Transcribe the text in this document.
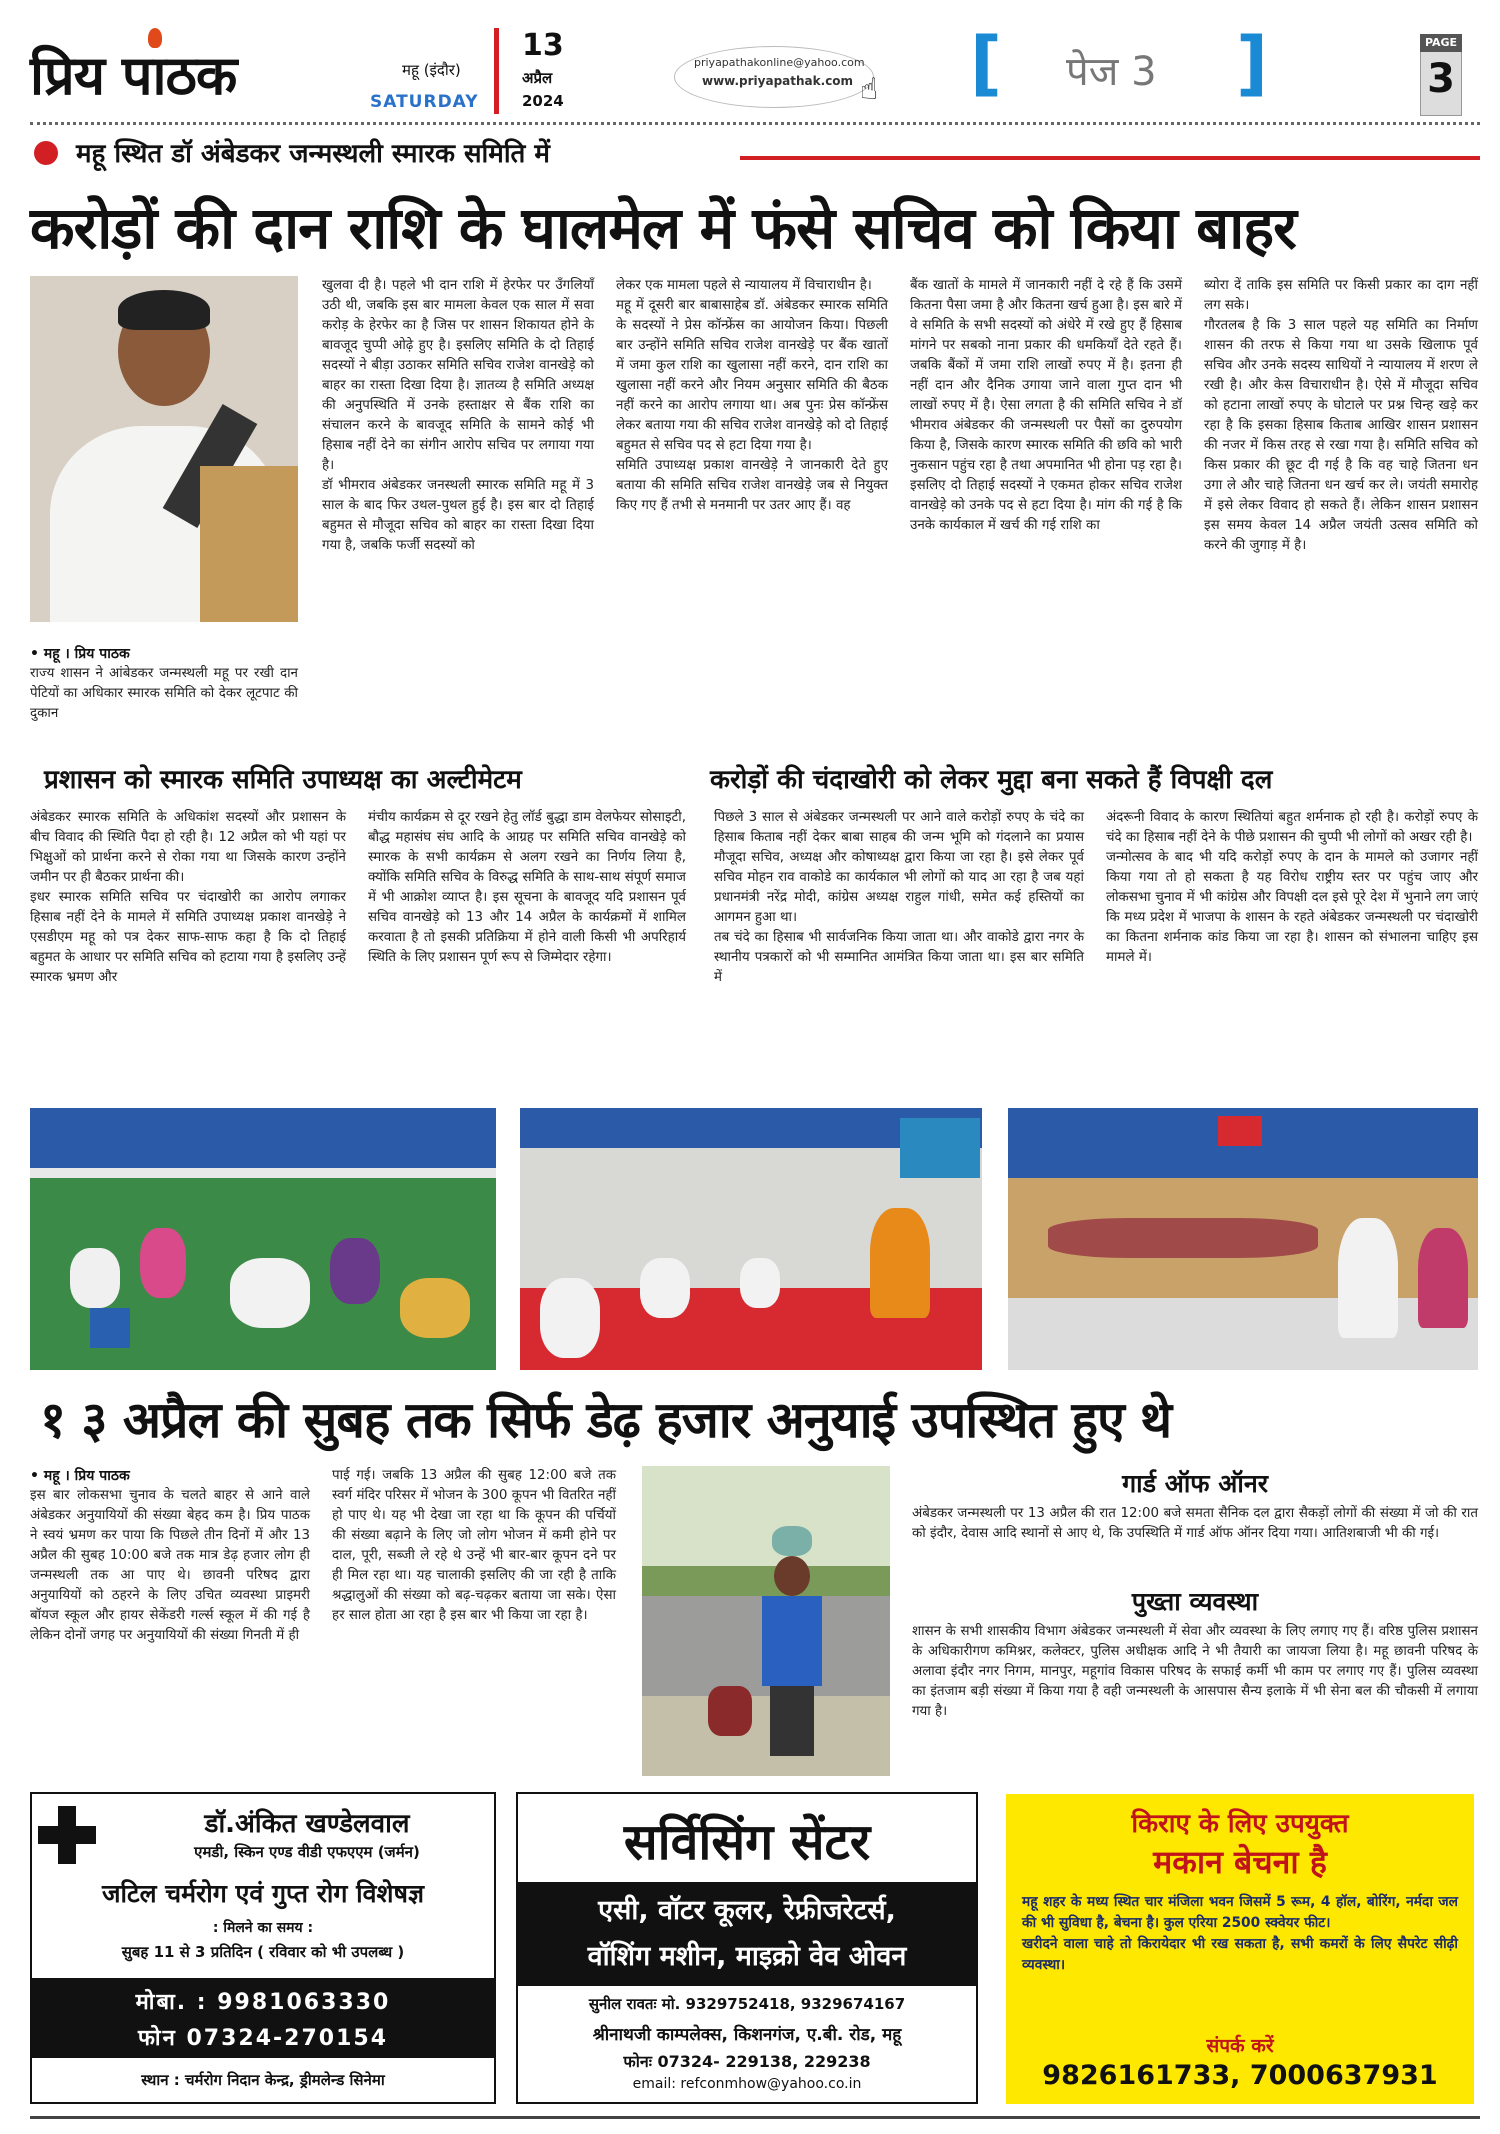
प्रिय पाठक	महू (इंदौर)
SATURDAY
13
अप्रैल
2024
priyapathakonline@yahoo.com
www.priyapathak.com ☝ [ पेज 3 ]	PAGE
3
महू स्थित डॉ अंबेडकर जन्मस्थली स्मारक समिति में
करोड़ों की दान राशि के घालमेल में फंसे सचिव को किया बाहर
• महू । प्रिय पाठक
राज्य शासन ने आंबेडकर जन्मस्थली महू पर रखी दान पेटियों का अधिकार स्मारक समिति को देकर लूटपाट की दुकान
खुलवा दी है। पहले भी दान राशि में हेरफेर पर उँगलियाँ उठी थी, जबकि इस बार मामला केवल एक साल में सवा करोड़ के हेरफेर का है जिस पर शासन शिकायत होने के बावजूद चुप्पी ओढ़े हुए है। इसलिए समिति के दो तिहाई सदस्यों ने बीड़ा उठाकर समिति सचिव राजेश वानखेड़े को बाहर का रास्ता दिखा दिया है। ज्ञातव्य है समिति अध्यक्ष की अनुपस्थिति में उनके हस्ताक्षर से बैंक राशि का संचालन करने के बावजूद समिति के सामने कोई भी हिसाब नहीं देने का संगीन आरोप सचिव पर लगाया गया है।
डॉ भीमराव अंबेडकर जनस्थली स्मारक समिति महू में 3 साल के बाद फिर उथल-पुथल हुई है। इस बार दो तिहाई बहुमत से मौजूदा सचिव को बाहर का रास्ता दिखा दिया गया है, जबकि फर्जी सदस्यों को
लेकर एक मामला पहले से न्यायालय में विचाराधीन है।
महू में दूसरी बार बाबासाहेब डॉ. अंबेडकर स्मारक समिति के सदस्यों ने प्रेस कॉन्फ्रेंस का आयोजन किया। पिछली बार उन्होंने समिति सचिव राजेश वानखेड़े पर बैंक खातों में जमा कुल राशि का खुलासा नहीं करने, दान राशि का खुलासा नहीं करने और नियम अनुसार समिति की बैठक नहीं करने का आरोप लगाया था। अब पुनः प्रेस कॉन्फ्रेंस लेकर बताया गया की सचिव राजेश वानखेड़े को दो तिहाई बहुमत से सचिव पद से हटा दिया गया है।
समिति उपाध्यक्ष प्रकाश वानखेड़े ने जानकारी देते हुए बताया की समिति सचिव राजेश वानखेड़े जब से नियुक्त किए गए हैं तभी से मनमानी पर उतर आए हैं। वह
बैंक खातों के मामले में जानकारी नहीं दे रहे हैं कि उसमें कितना पैसा जमा है और कितना खर्च हुआ है। इस बारे में वे समिति के सभी सदस्यों को अंधेरे में रखे हुए हैं हिसाब मांगने पर सबको नाना प्रकार की धमकियाँ देते रहते हैं। जबकि बैंकों में जमा राशि लाखों रुपए में है। इतना ही नहीं दान और दैनिक उगाया जाने वाला गुप्त दान भी लाखों रुपए में है। ऐसा लगता है की समिति सचिव ने डॉ भीमराव अंबेडकर की जन्मस्थली पर पैसों का दुरुपयोग किया है, जिसके कारण स्मारक समिति की छवि को भारी नुकसान पहुंच रहा है तथा अपमानित भी होना पड़ रहा है। इसलिए दो तिहाई सदस्यों ने एकमत होकर सचिव राजेश वानखेड़े को उनके पद से हटा दिया है। मांग की गई है कि उनके कार्यकाल में खर्च की गई राशि का
ब्योरा दें ताकि इस समिति पर किसी प्रकार का दाग नहीं लग सके।
गौरतलब है कि 3 साल पहले यह समिति का निर्माण शासन की तरफ से किया गया था उसके खिलाफ पूर्व सचिव और उनके सदस्य साथियों ने न्यायालय में शरण ले रखी है। और केस विचाराधीन है। ऐसे में मौजूदा सचिव को हटाना लाखों रुपए के घोटाले पर प्रश्न चिन्ह खड़े कर रहा है कि इसका हिसाब किताब आखिर शासन प्रशासन की नजर में किस तरह से रखा गया है। समिति सचिव को किस प्रकार की छूट दी गई है कि वह चाहे जितना धन उगा ले और चाहे जितना धन खर्च कर ले। जयंती समारोह में इसे लेकर विवाद हो सकते हैं। लेकिन शासन प्रशासन इस समय केवल 14 अप्रैल जयंती उत्सव समिति को करने की जुगाड़ में है।
प्रशासन को स्मारक समिति उपाध्यक्ष का अल्टीमेटम
अंबेडकर स्मारक समिति के अधिकांश सदस्यों और प्रशासन के बीच विवाद की स्थिति पैदा हो रही है। 12 अप्रैल को भी यहां पर भिक्षुओं को प्रार्थना करने से रोका गया था जिसके कारण उन्होंने जमीन पर ही बैठकर प्रार्थना की।
इधर स्मारक समिति सचिव पर चंदाखोरी का आरोप लगाकर हिसाब नहीं देने के मामले में समिति उपाध्यक्ष प्रकाश वानखेड़े ने एसडीएम महू को पत्र देकर साफ-साफ कहा है कि दो तिहाई बहुमत के आधार पर समिति सचिव को हटाया गया है इसलिए उन्हें स्मारक भ्रमण और
मंचीय कार्यक्रम से दूर रखने हेतु लॉर्ड बुद्धा डाम वेलफेयर सोसाइटी, बौद्ध महासंघ संघ आदि के आग्रह पर समिति सचिव वानखेड़े को स्मारक के सभी कार्यक्रम से अलग रखने का निर्णय लिया है, क्योंकि समिति सचिव के विरुद्ध समिति के साथ-साथ संपूर्ण समाज में भी आक्रोश व्याप्त है। इस सूचना के बावजूद यदि प्रशासन पूर्व सचिव वानखेड़े को 13 और 14 अप्रैल के कार्यक्रमों में शामिल करवाता है तो इसकी प्रतिक्रिया में होने वाली किसी भी अपरिहार्य स्थिति के लिए प्रशासन पूर्ण रूप से जिम्मेदार रहेगा।
करोड़ों की चंदाखोरी को लेकर मुद्दा बना सकते हैं विपक्षी दल
पिछले 3 साल से अंबेडकर जन्मस्थली पर आने वाले करोड़ों रुपए के चंदे का हिसाब किताब नहीं देकर बाबा साहब की जन्म भूमि को गंदलाने का प्रयास मौजूदा सचिव, अध्यक्ष और कोषाध्यक्ष द्वारा किया जा रहा है। इसे लेकर पूर्व सचिव मोहन राव वाकोडे का कार्यकाल भी लोगों को याद आ रहा है जब यहां प्रधानमंत्री नरेंद्र मोदी, कांग्रेस अध्यक्ष राहुल गांधी, समेत कई हस्तियों का आगमन हुआ था।
तब चंदे का हिसाब भी सार्वजनिक किया जाता था। और वाकोडे द्वारा नगर के स्थानीय पत्रकारों को भी सम्मानित आमंत्रित किया जाता था। इस बार समिति में
अंदरूनी विवाद के कारण स्थितियां बहुत शर्मनाक हो रही है। करोड़ों रुपए के चंदे का हिसाब नहीं देने के पीछे प्रशासन की चुप्पी भी लोगों को अखर रही है।
जन्मोत्सव के बाद भी यदि करोड़ों रुपए के दान के मामले को उजागर नहीं किया गया तो हो सकता है यह विरोध राष्ट्रीय स्तर पर पहुंच जाए और लोकसभा चुनाव में भी कांग्रेस और विपक्षी दल इसे पूरे देश में भुनाने लग जाएं कि मध्य प्रदेश में भाजपा के शासन के रहते अंबेडकर जन्मस्थली पर चंदाखोरी का कितना शर्मनाक कांड किया जा रहा है। शासन को संभालना चाहिए इस मामले में।
१ ३ अप्रैल की सुबह तक सिर्फ डेढ़ हजार अनुयाई उपस्थित हुए थे
• महू । प्रिय पाठक
इस बार लोकसभा चुनाव के चलते बाहर से आने वाले अंबेडकर अनुयायियों की संख्या बेहद कम है। प्रिय पाठक ने स्वयं भ्रमण कर पाया कि पिछले तीन दिनों में और 13 अप्रैल की सुबह 10:00 बजे तक मात्र डेढ़ हजार लोग ही जन्मस्थली तक आ पाए थे। छावनी परिषद द्वारा अनुयायियों को ठहरने के लिए उचित व्यवस्था प्राइमरी बॉयज स्कूल और हायर सेकेंडरी गर्ल्स स्कूल में की गई है लेकिन दोनों जगह पर अनुयायियों की संख्या गिनती में ही
पाई गई। जबकि 13 अप्रैल की सुबह 12:00 बजे तक स्वर्ग मंदिर परिसर में भोजन के 300 कूपन भी वितरित नहीं हो पाए थे। यह भी देखा जा रहा था कि कूपन की पर्चियों की संख्या बढ़ाने के लिए जो लोग भोजन में कमी होने पर दाल, पूरी, सब्जी ले रहे थे उन्हें भी बार-बार कूपन दने पर ही मिल रहा था। यह चालाकी इसलिए की जा रही है ताकि श्रद्धालुओं की संख्या को बढ़-चढ़कर बताया जा सके। ऐसा हर साल होता आ रहा है इस बार भी किया जा रहा है।
गार्ड ऑफ ऑनर
अंबेडकर जन्मस्थली पर 13 अप्रैल की रात 12:00 बजे समता सैनिक दल द्वारा सैकड़ों लोगों की संख्या में जो की रात को इंदौर, देवास आदि स्थानों से आए थे, कि उपस्थिति में गार्ड ऑफ ऑनर दिया गया। आतिशबाजी भी की गई।
पुख्ता व्यवस्था
शासन के सभी शासकीय विभाग अंबेडकर जन्मस्थली में सेवा और व्यवस्था के लिए लगाए गए हैं। वरिष्ठ पुलिस प्रशासन के अधिकारीगण कमिश्नर, कलेक्टर, पुलिस अधीक्षक आदि ने भी तैयारी का जायजा लिया है। महू छावनी परिषद के अलावा इंदौर नगर निगम, मानपुर, महूगांव विकास परिषद के सफाई कर्मी भी काम पर लगाए गए हैं। पुलिस व्यवस्था का इंतजाम बड़ी संख्या में किया गया है वही जन्मस्थली के आसपास सैन्य इलाके में भी सेना बल की चौकसी में लगाया गया है।
डॉ.अंकित खण्डेलवाल
एमडी, स्किन एण्ड वीडी एफएएम (जर्मन)
जटिल चर्मरोग एवं गुप्त रोग विशेषज्ञ
: मिलने का समय :
सुबह 11 से 3 प्रतिदिन ( रविवार को भी उपलब्ध )
मोबा. : 9981063330
फोन 07324-270154
स्थान : चर्मरोग निदान केन्द्र, ड्रीमलेन्ड सिनेमा
सर्विसिंग सेंटर
एसी, वॉटर कूलर, रेफ्रीजरेटर्स,
वॉशिंग मशीन, माइक्रो वेव ओवन
सुनील रावतः मो. 9329752418, 9329674167
श्रीनाथजी काम्पलेक्स, किशनगंज, ए.बी. रोड, महू
फोनः 07324- 229138, 229238
email: refconmhow@yahoo.co.in
किराए के लिए उपयुक्त
मकान बेचना है
महू शहर के मध्य स्थित चार मंजिला भवन जिसमें 5 रूम, 4 हॉल, बोरिंग, नर्मदा जल की भी सुविधा है, बेचना है। कुल एरिया 2500 स्क्वेयर फीट।
खरीदने वाला चाहे तो किरायेदार भी रख सकता है, सभी कमरों के लिए सैपरेट सीढ़ी व्यवस्था।
संपर्क करें
9826161733, 7000637931
